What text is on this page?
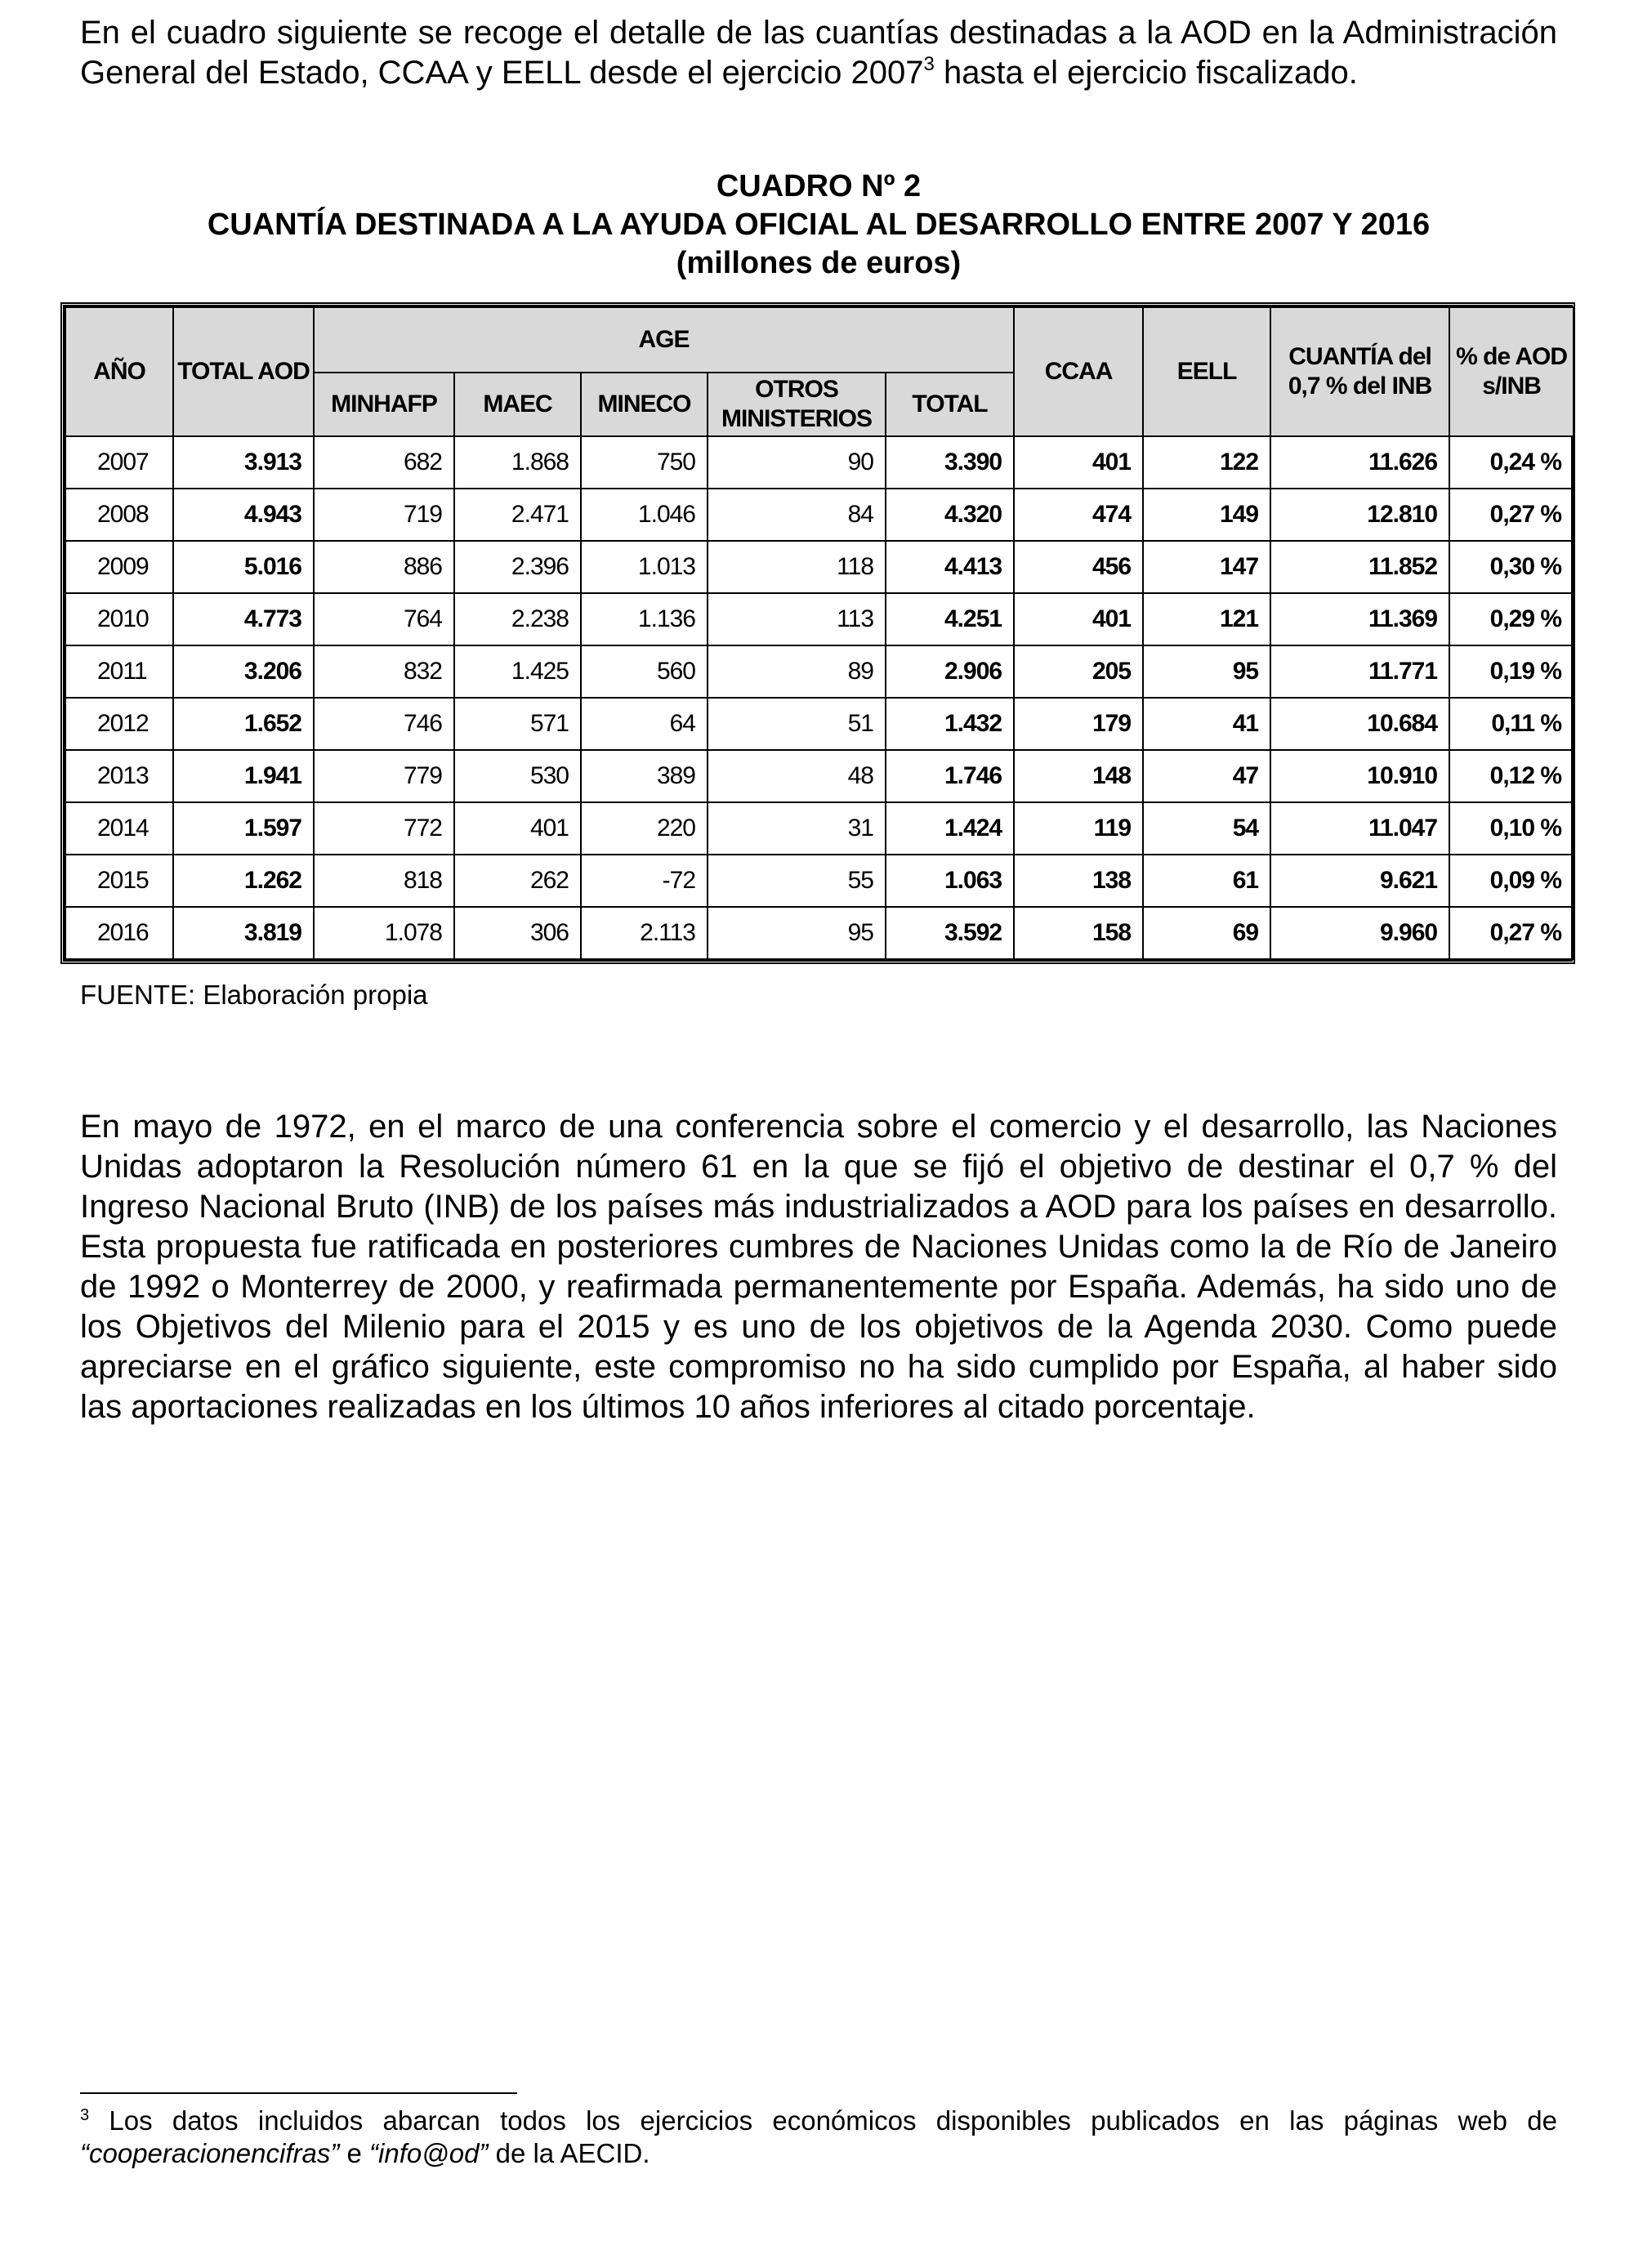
En el cuadro siguiente se recoge el detalle de las cuantías destinadas a la AOD en la Administración General del Estado, CCAA y EELL desde el ejercicio 2007$^3$ hasta el ejercicio fiscalizado.

CUADRO Nº 2
CUANTÍA DESTINADA A LA AYUDA OFICIAL AL DESARROLLO ENTRE 2007 Y 2016
(millones de euros)
AÑO	TOTAL AOD	AGE					CCAA	EELL	CUANTÍA del 0,7 % del INB	% de AOD s/INB
		MINHAFP	MAEC	MINECO	OTROS MINISTERIOS	TOTAL				
2007	3.913	682	1.868	750	90	3.390	401	122	11.626	0,24 %
2008	4.943	719	2.471	1.046	84	4.320	474	149	12.810	0,27 %
2009	5.016	886	2.396	1.013	118	4.413	456	147	11.852	0,30 %
2010	4.773	764	2.238	1.136	113	4.251	401	121	11.369	0,29 %
2011	3.206	832	1.425	560	89	2.906	205	95	11.771	0,19 %
2012	1.652	746	571	64	51	1.432	179	41	10.684	0,11 %
2013	1.941	779	530	389	48	1.746	148	47	10.910	0,12 %
2014	1.597	772	401	220	31	1.424	119	54	11.047	0,10 %
2015	1.262	818	262	-72	55	1.063	138	61	9.621	0,09 %
2016	3.819	1.078	306	2.113	95	3.592	158	69	9.960	0,27 %
FUENTE: Elaboración propia

En mayo de 1972, en el marco de una conferencia sobre el comercio y el desarrollo, las Naciones Unidas adoptaron la Resolución número 61 en la que se fijó el objetivo de destinar el 0,7 % del Ingreso Nacional Bruto (INB) de los países más industrializados a AOD para los países en desarrollo. Esta propuesta fue ratificada en posteriores cumbres de Naciones Unidas como la de Río de Janeiro de 1992 o Monterrey de 2000, y reafirmada permanentemente por España. Además, ha sido uno de los Objetivos del Milenio para el 2015 y es uno de los objetivos de la Agenda 2030. Como puede apreciarse en el gráfico siguiente, este compromiso no ha sido cumplido por España, al haber sido las aportaciones realizadas en los últimos 10 años inferiores al citado porcentaje.

$^3$ Los datos incluidos abarcan todos los ejercicios económicos disponibles publicados en las páginas web de “cooperacionencifras” e “info@od” de la AECID.
